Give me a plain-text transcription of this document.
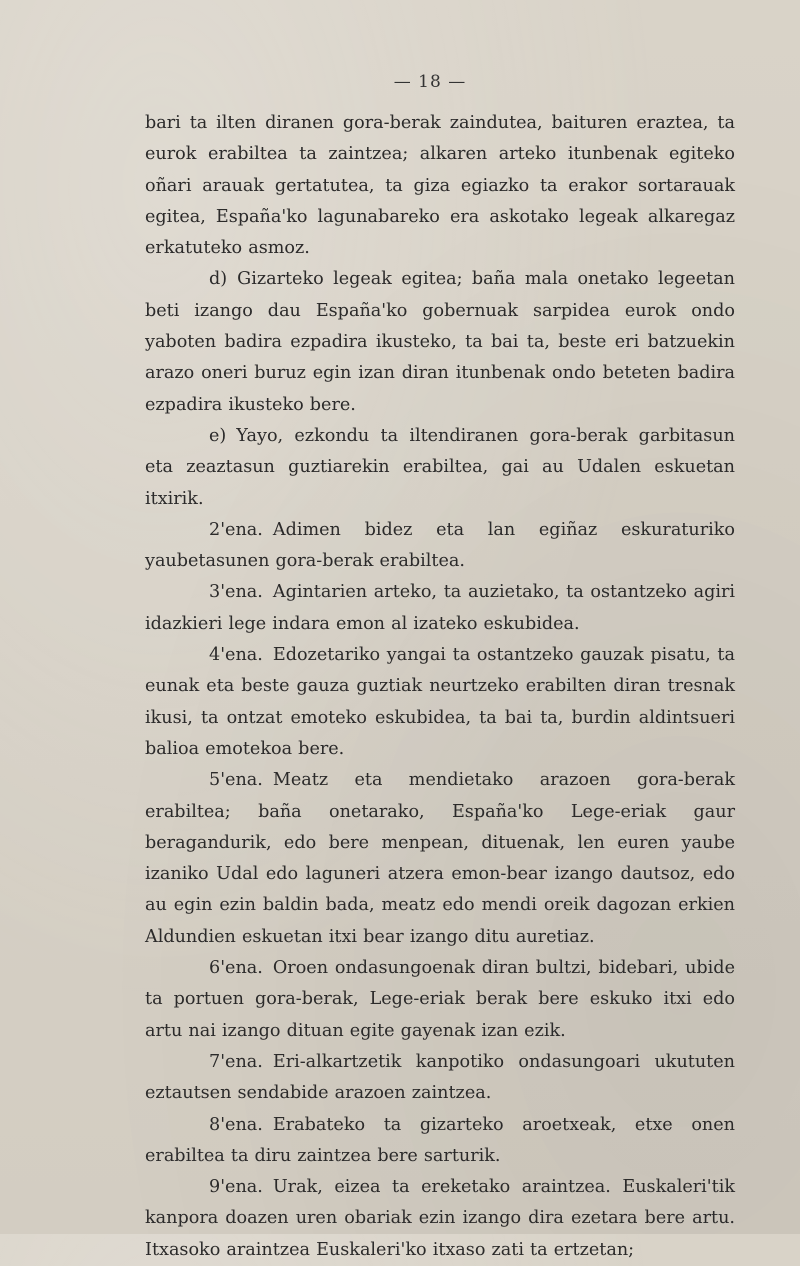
— 18 —

bari ta ilten diranen gora-berak zaindutea, baituren eraztea, ta eurok erabiltea ta zaintzea; alkaren arteko itunbenak egiteko oñari arauak gertatutea, ta giza egiazko ta erakor sortarauak egitea, España'ko lagunabareko era askotako legeak alkaregaz erkatuteko asmoz.

d) Gizarteko legeak egitea; baña mala onetako legeetan beti izango dau España'ko gobernuak sarpidea eurok ondo yaboten badira ezpadira ikusteko, ta bai ta, beste eri batzuekin arazo oneri buruz egin izan diran itunbenak ondo beteten badira ezpadira ikusteko bere.

e) Yayo, ezkondu ta iltendiranen gora-berak garbitasun eta zeaztasun guztiarekin erabiltea, gai au Udalen eskuetan itxirik.

2'ena. Adimen bidez eta lan egiñaz eskuraturiko yaubetasunen gora-berak erabiltea.

3'ena. Agintarien arteko, ta auzietako, ta ostantzeko agiri idazkieri lege indara emon al izateko eskubidea.

4'ena. Edozetariko yangai ta ostantzeko gauzak pisatu, ta eunak eta beste gauza guztiak neurtzeko erabilten diran tresnak ikusi, ta ontzat emoteko eskubidea, ta bai ta, burdin aldintsueri balioa emotekoa bere.

5'ena. Meatz eta mendietako arazoen gora-berak erabiltea; baña onetarako, España'ko Lege-eriak gaur beragandurik, edo bere menpean, dituenak, len euren yaube izaniko Udal edo laguneri atzera emon-bear izango dautsoz, edo au egin ezin baldin bada, meatz edo mendi oreik dagozan erkien Aldundien eskuetan itxi bear izango ditu auretiaz.

6'ena. Oroen ondasungoenak diran bultzi, bidebari, ubide ta portuen gora-berak, Lege-eriak berak bere eskuko itxi edo artu nai izango dituan egite gayenak izan ezik.

7'ena. Eri-alkartzetik kanpotiko ondasungoari ukututen eztautsen sendabide arazoen zaintzea.

8'ena. Erabateko ta gizarteko aroetxeak, etxe onen erabiltea ta diru zaintzea bere sarturik.

9'ena. Urak, eizea ta ereketako araintzea. Euskaleri'tik kanpora doazen uren obariak ezin izango dira ezetara bere artu. Itxasoko araintzea Euskaleri'ko itxaso zati ta ertzetan;
